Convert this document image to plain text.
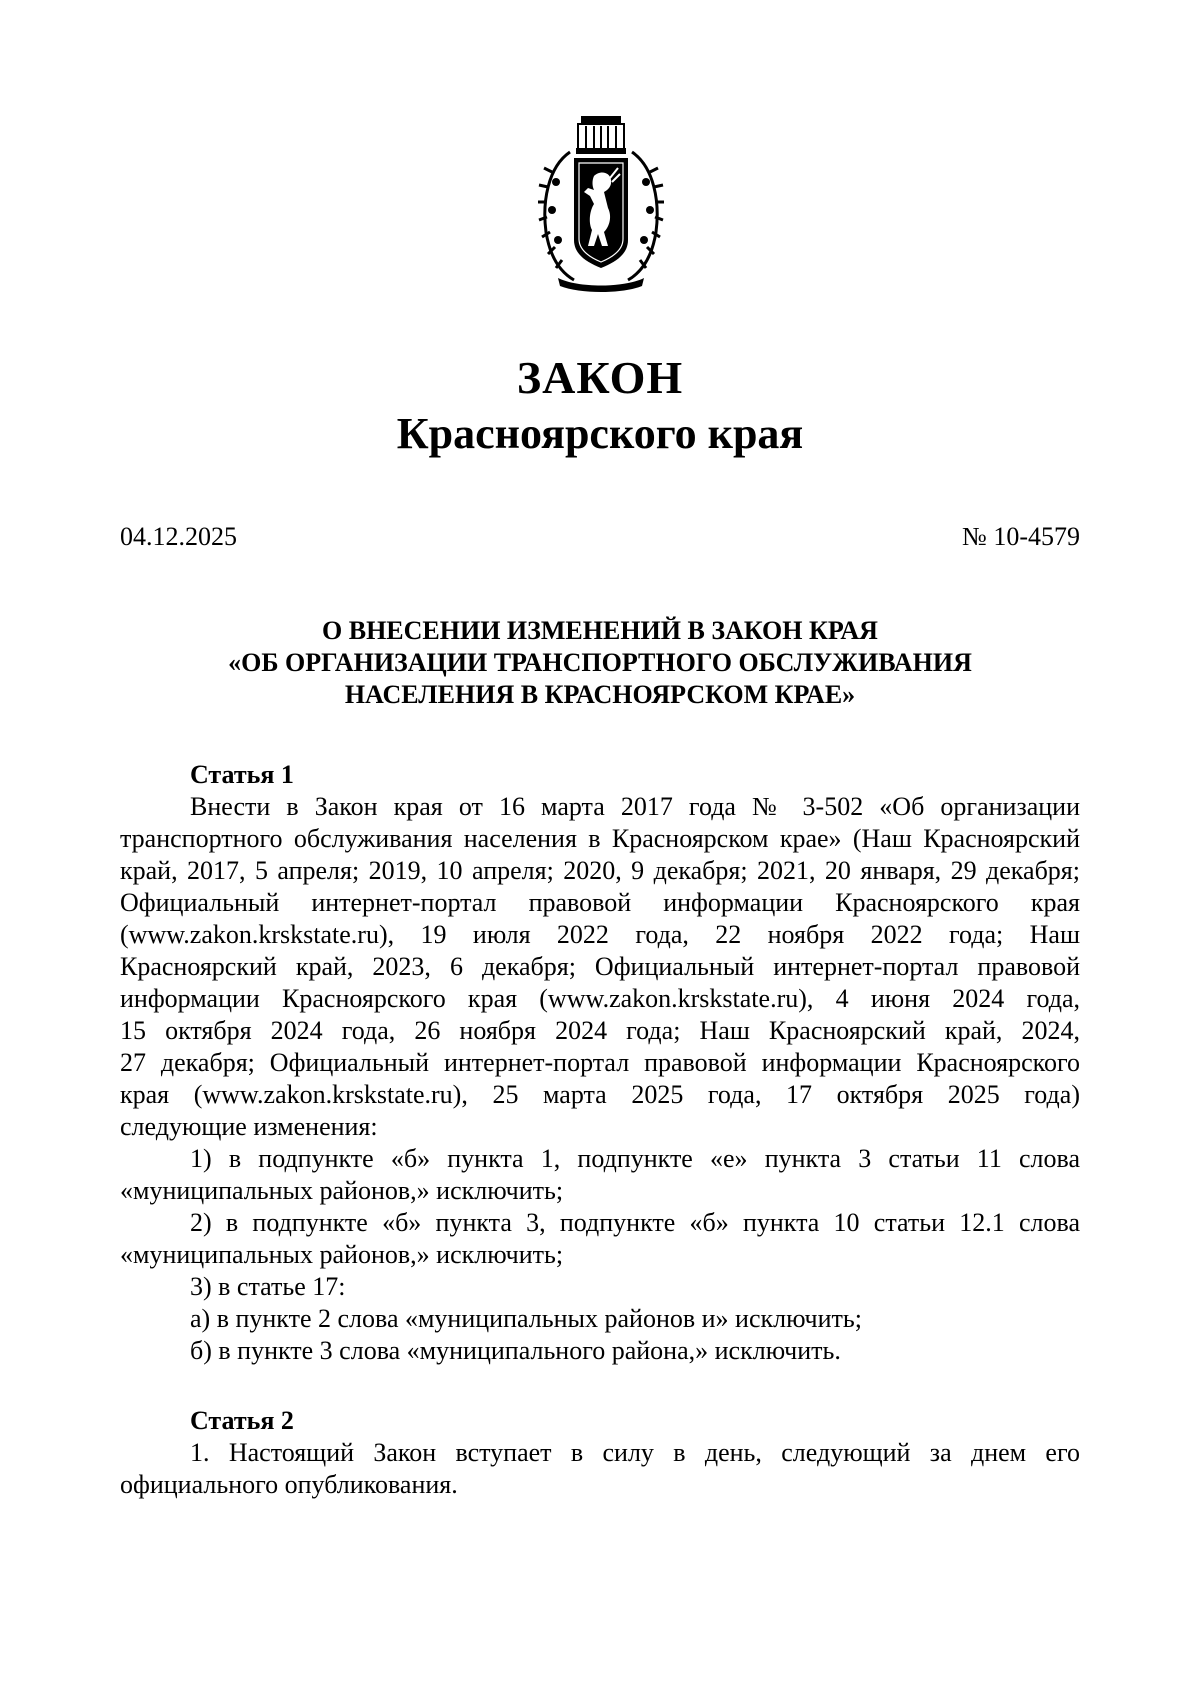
ЗАКОН
Красноярского края
04.12.2025	№ 10-4579
О ВНЕСЕНИИ ИЗМЕНЕНИЙ В ЗАКОН КРАЯ
«ОБ ОРГАНИЗАЦИИ ТРАНСПОРТНОГО ОБСЛУЖИВАНИЯ
НАСЕЛЕНИЯ В КРАСНОЯРСКОМ КРАЕ»
Статья 1
Внести в Закон края от 16 марта 2017 года № 3-502 «Об организации
транспортного обслуживания населения в Красноярском крае» (Наш Красноярский
край, 2017, 5 апреля; 2019, 10 апреля; 2020, 9 декабря; 2021, 20 января, 29 декабря;
Официальный интернет-портал правовой информации Красноярского края
(www.zakon.krskstate.ru), 19 июля 2022 года, 22 ноября 2022 года; Наш
Красноярский край, 2023, 6 декабря; Официальный интернет-портал правовой
информации Красноярского края (www.zakon.krskstate.ru), 4 июня 2024 года,
15 октября 2024 года, 26 ноября 2024 года; Наш Красноярский край, 2024,
27 декабря; Официальный интернет-портал правовой информации Красноярского
края (www.zakon.krskstate.ru), 25 марта 2025 года, 17 октября 2025 года)
следующие изменения:
1) в подпункте «б» пункта 1, подпункте «е» пункта 3 статьи 11 слова
«муниципальных районов,» исключить;
2) в подпункте «б» пункта 3, подпункте «б» пункта 10 статьи 12.1 слова
«муниципальных районов,» исключить;
3) в статье 17:
а) в пункте 2 слова «муниципальных районов и» исключить;
б) в пункте 3 слова «муниципального района,» исключить.
Статья 2
1. Настоящий Закон вступает в силу в день, следующий за днем его
официального опубликования.
